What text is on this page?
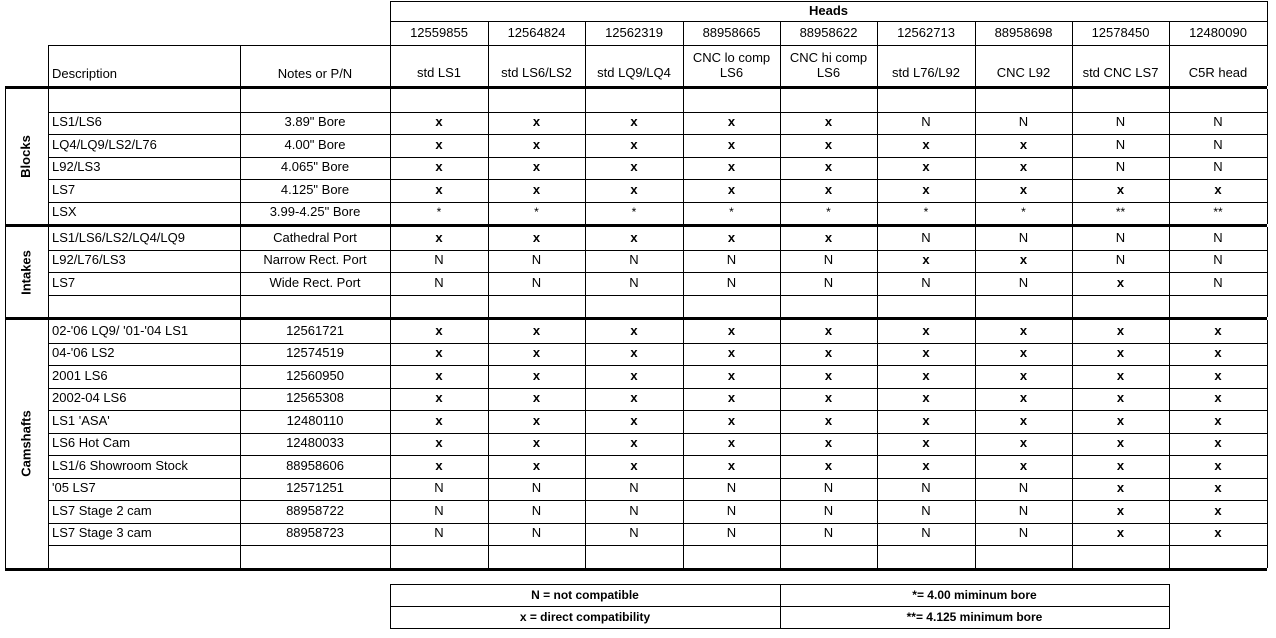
Heads
Description	Notes or P/N
12559855
std LS1
12564824
std LS6/LS2
12562319
std LQ9/LQ4
88958665
CNC lo comp LS6
88958622
CNC hi comp LS6
12562713
std L76/L92
88958698
CNC L92
12578450
std CNC LS7
12480090
C5R head
LS1/LS6	3.89" Bore	x	x	x	x	x	N	N	N	N
LQ4/LQ9/LS2/L76	4.00" Bore	x	x	x	x	x	x	x	N	N
L92/LS3	4.065" Bore	x	x	x	x	x	x	x	N	N
LS7	4.125" Bore	x	x	x	x	x	x	x	x	x
LSX	3.99-4.25" Bore	*	*	*	*	*	*	*	**	**
Blocks
LS1/LS6/LS2/LQ4/LQ9	Cathedral Port	x	x	x	x	x	N	N	N	N
L92/L76/LS3	Narrow Rect. Port	N	N	N	N	N	x	x	N	N
LS7	Wide Rect. Port	N	N	N	N	N	N	N	x	N
Intakes
02-'06 LQ9/ '01-'04 LS1	12561721	x	x	x	x	x	x	x	x	x
04-'06 LS2	12574519	x	x	x	x	x	x	x	x	x
2001 LS6	12560950	x	x	x	x	x	x	x	x	x
2002-04 LS6	12565308	x	x	x	x	x	x	x	x	x
LS1 'ASA'	12480110	x	x	x	x	x	x	x	x	x
LS6 Hot Cam	12480033	x	x	x	x	x	x	x	x	x
LS1/6 Showroom Stock	88958606	x	x	x	x	x	x	x	x	x
'05 LS7	12571251	N	N	N	N	N	N	N	x	x
LS7 Stage 2 cam	88958722	N	N	N	N	N	N	N	x	x
LS7 Stage 3 cam	88958723	N	N	N	N	N	N	N	x	x
Camshafts
N = not compatible	*= 4.00 miminum bore
x = direct compatibility	**= 4.125 minimum bore
